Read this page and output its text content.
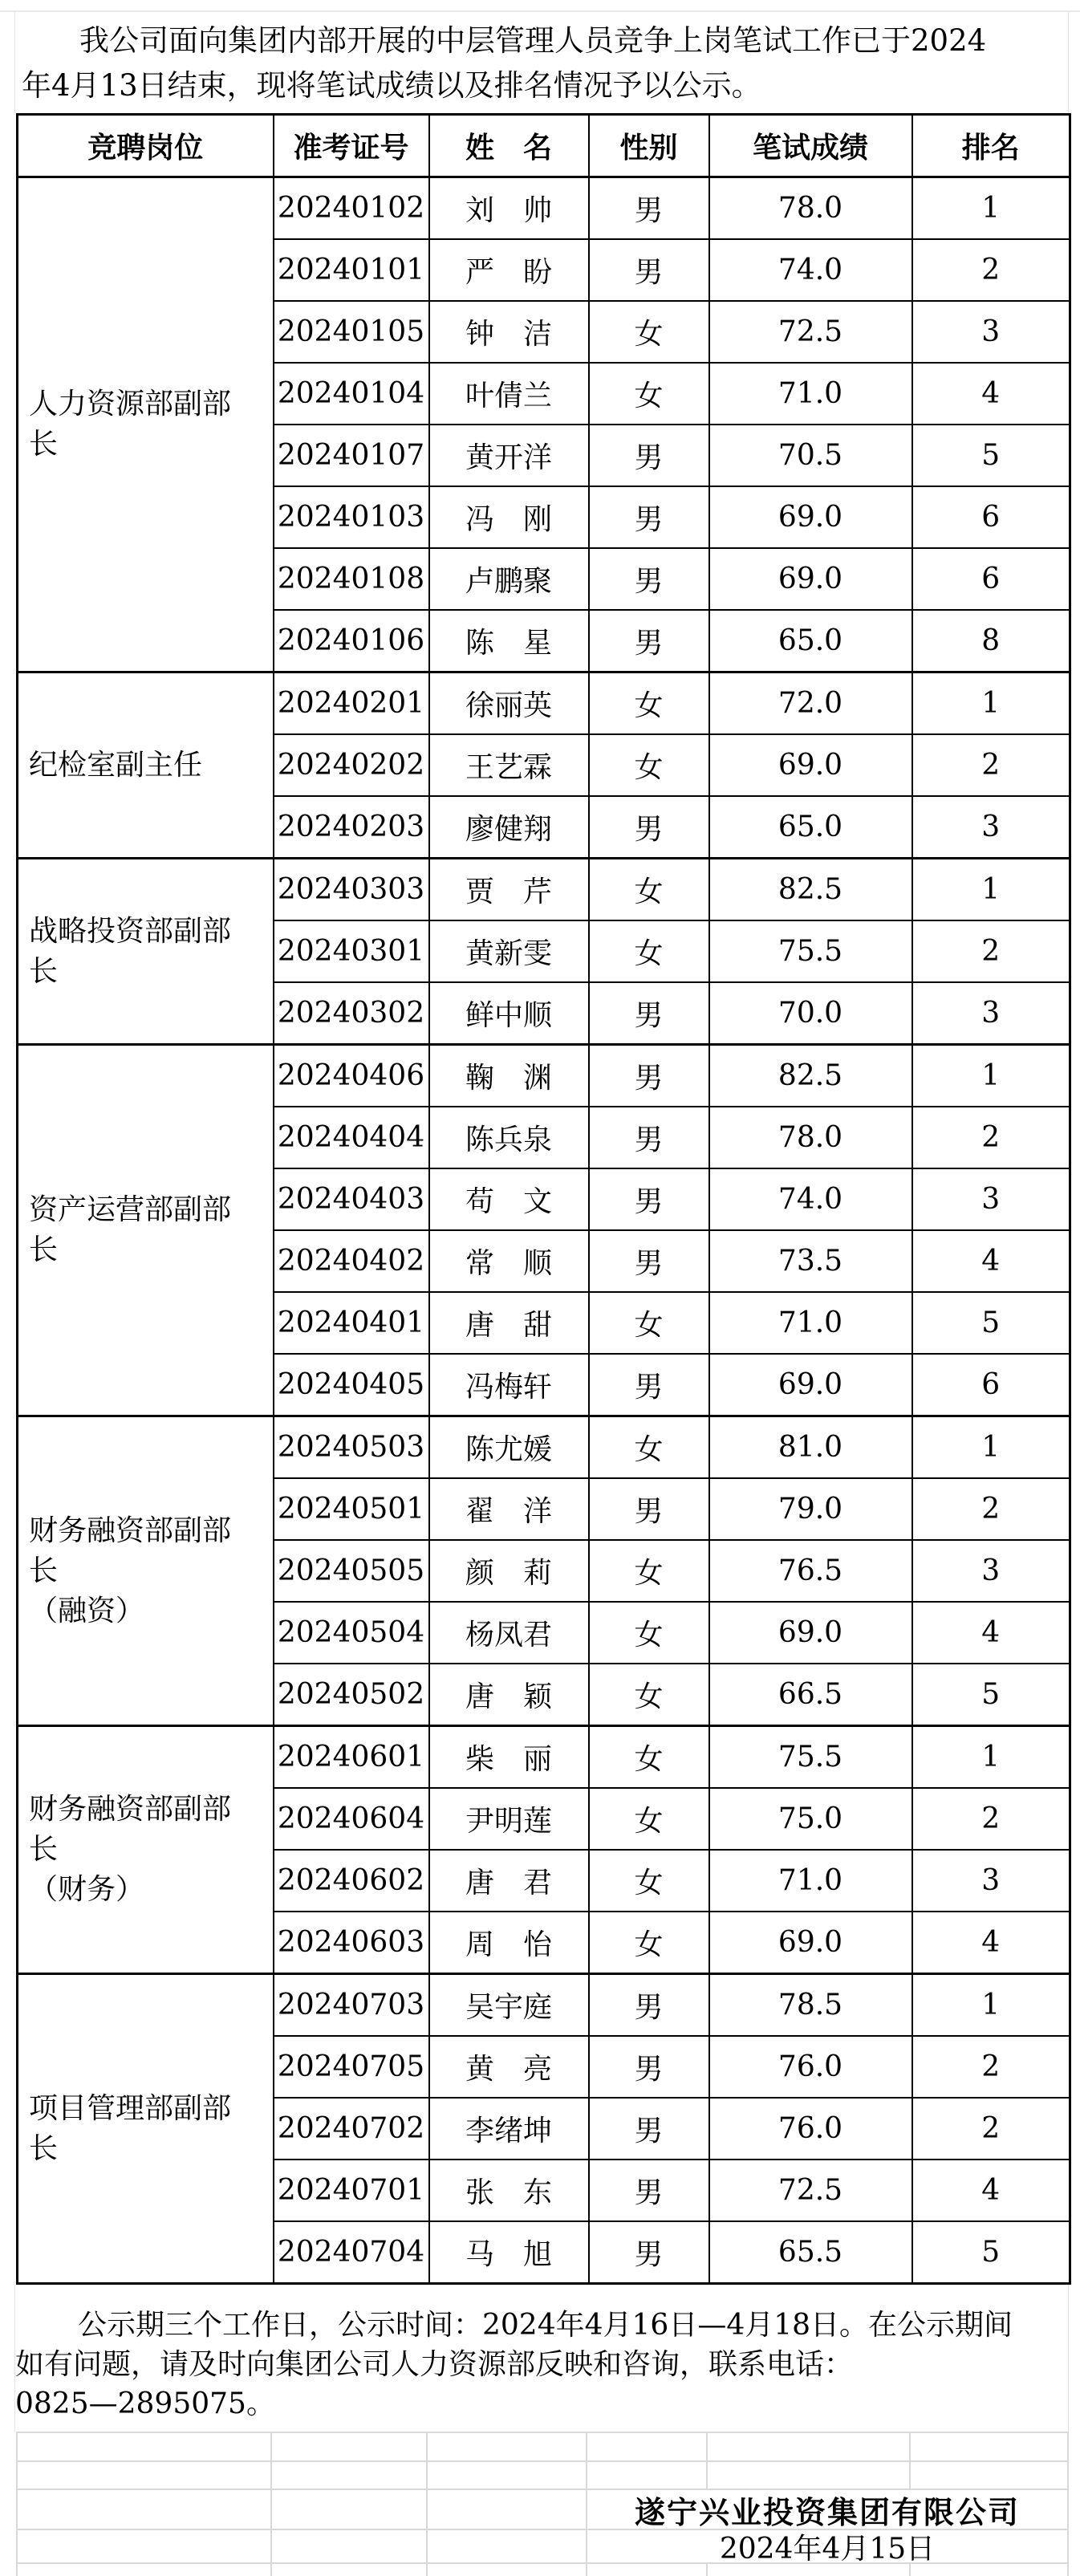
我公司面向集团内部开展的中层管理人员竞争上岗笔试工作已于2024
年4月13日结束，现将笔试成绩以及排名情况予以公示。
竞聘岗位	准考证号	姓　名	性别	笔试成绩	排名

人力资源部副部长	20240102	刘　帅	男	78.0	1
	20240101	严　盼	男	74.0	2
	20240105	钟　洁	女	72.5	3
	20240104	叶倩兰	女	71.0	4
	20240107	黄开洋	男	70.5	5
	20240103	冯　刚	男	69.0	6
	20240108	卢鹏聚	男	69.0	6
	20240106	陈　星	男	65.0	8

纪检室副主任	20240201	徐丽英	女	72.0	1
	20240202	王艺霖	女	69.0	2
	20240203	廖健翔	男	65.0	3

战略投资部副部长	20240303	贾　芹	女	82.5	1
	20240301	黄新雯	女	75.5	2
	20240302	鲜中顺	男	70.0	3

资产运营部副部长	20240406	鞠　渊	男	82.5	1
	20240404	陈兵泉	男	78.0	2
	20240403	苟　文	男	74.0	3
	20240402	常　顺	男	73.5	4
	20240401	唐　甜	女	71.0	5
	20240405	冯梅轩	男	69.0	6

财务融资部副部长
（融资）	20240503	陈尤媛	女	81.0	1
	20240501	翟　洋	男	79.0	2
	20240505	颜　莉	女	76.5	3
	20240504	杨凤君	女	69.0	4
	20240502	唐　颖	女	66.5	5

财务融资部副部长
（财务）	20240601	柴　丽	女	75.5	1
	20240604	尹明莲	女	75.0	2
	20240602	唐　君	女	71.0	3
	20240603	周　怡	女	69.0	4

项目管理部副部长	20240703	吴宇庭	男	78.5	1
	20240705	黄　亮	男	76.0	2
	20240702	李绪坤	男	76.0	2
	20240701	张　东	男	72.5	4
	20240704	马　旭	男	65.5	5
公示期三个工作日，公示时间：2024年4月16日—4月18日。在公示期间
如有问题，请及时向集团公司人力资源部反映和咨询，联系电话：
0825—2895075。
遂宁兴业投资集团有限公司
2024年4月15日
